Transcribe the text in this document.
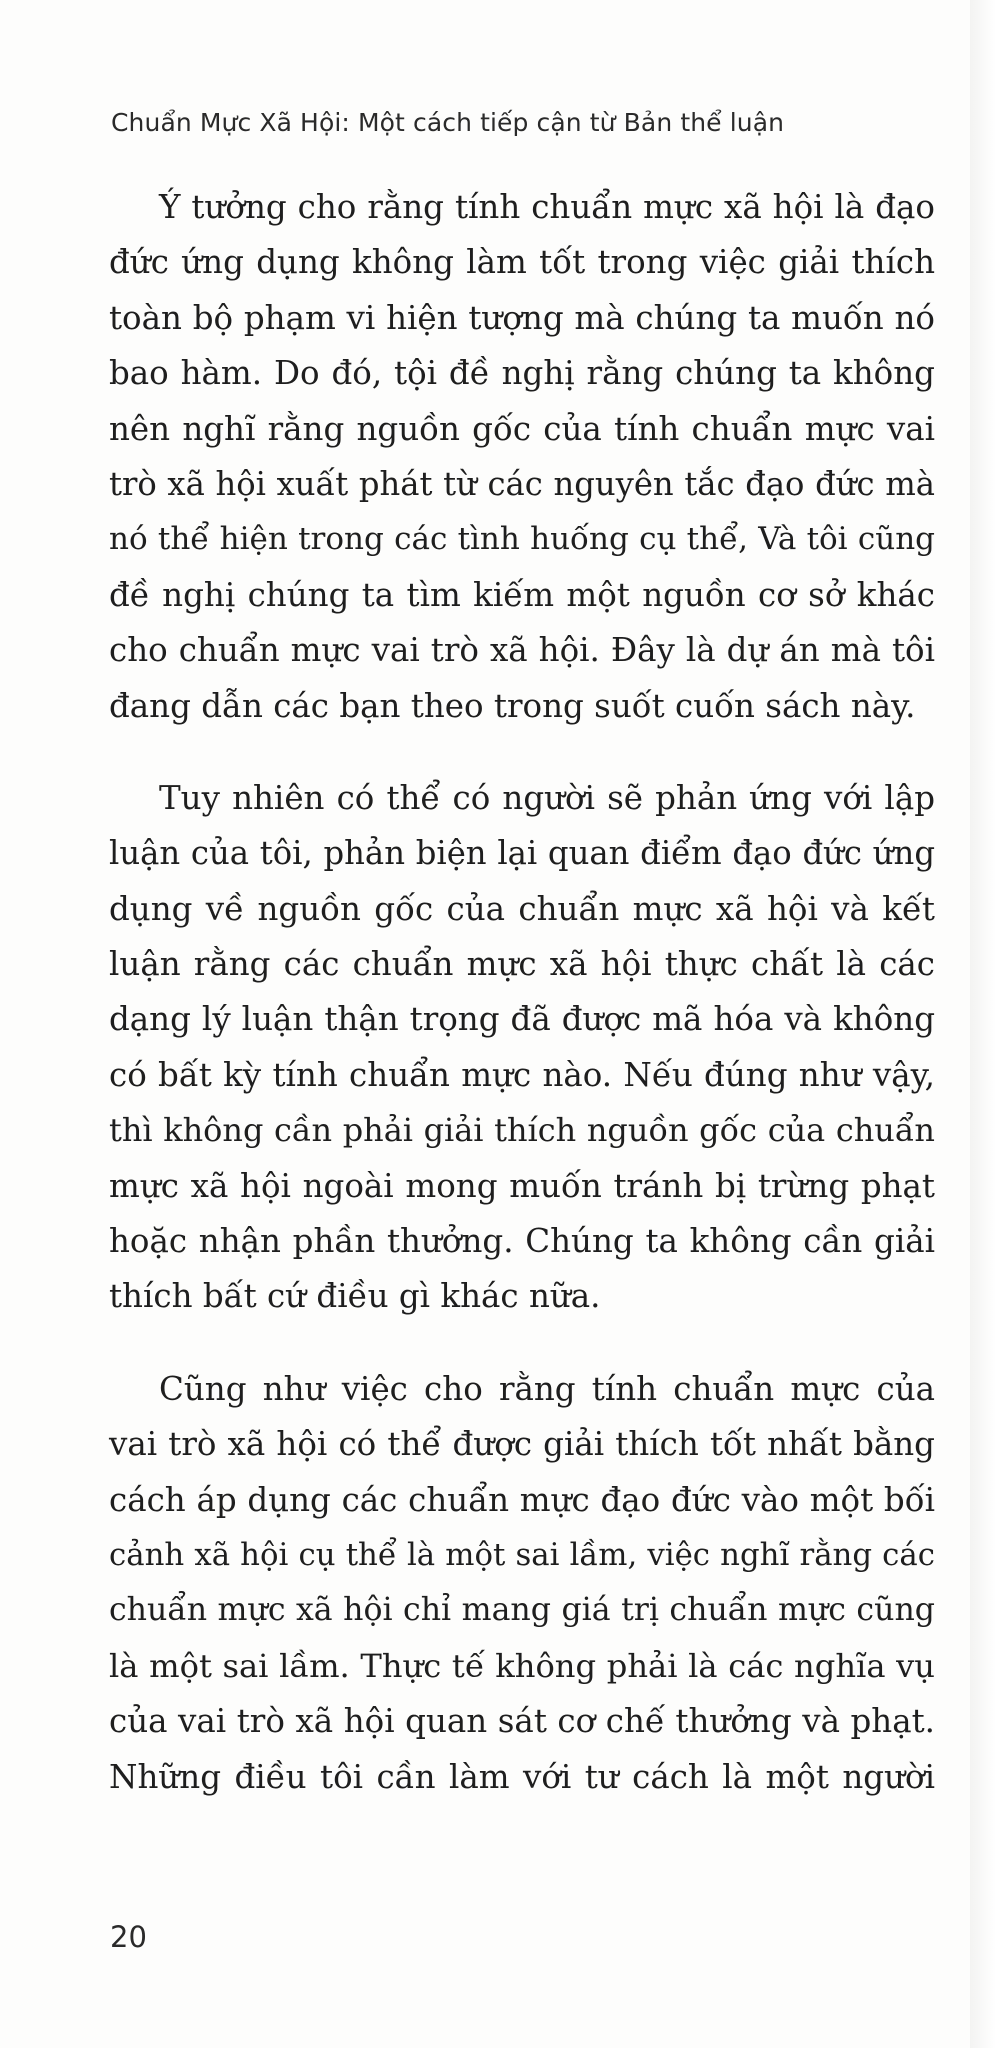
Chuẩn Mực Xã Hội: Một cách tiếp cận từ Bản thể luận

Ý tưởng cho rằng tính chuẩn mực xã hội là đạo
đức ứng dụng không làm tốt trong việc giải thích
toàn bộ phạm vi hiện tượng mà chúng ta muốn nó
bao hàm. Do đó, tội đề nghị rằng chúng ta không
nên nghĩ rằng nguồn gốc của tính chuẩn mực vai
trò xã hội xuất phát từ các nguyên tắc đạo đức mà
nó thể hiện trong các tình huống cụ thể, Và tôi cũng
đề nghị chúng ta tìm kiếm một nguồn cơ sở khác
cho chuẩn mực vai trò xã hội. Đây là dự án mà tôi
đang dẫn các bạn theo trong suốt cuốn sách này.
Tuy nhiên có thể có người sẽ phản ứng với lập
luận của tôi, phản biện lại quan điểm đạo đức ứng
dụng về nguồn gốc của chuẩn mực xã hội và kết
luận rằng các chuẩn mực xã hội thực chất là các
dạng lý luận thận trọng đã được mã hóa và không
có bất kỳ tính chuẩn mực nào. Nếu đúng như vậy,
thì không cần phải giải thích nguồn gốc của chuẩn
mực xã hội ngoài mong muốn tránh bị trừng phạt
hoặc nhận phần thưởng. Chúng ta không cần giải
thích bất cứ điều gì khác nữa.
Cũng như việc cho rằng tính chuẩn mực của
vai trò xã hội có thể được giải thích tốt nhất bằng
cách áp dụng các chuẩn mực đạo đức vào một bối
cảnh xã hội cụ thể là một sai lầm, việc nghĩ rằng các
chuẩn mực xã hội chỉ mang giá trị chuẩn mực cũng
là một sai lầm. Thực tế không phải là các nghĩa vụ
của vai trò xã hội quan sát cơ chế thưởng và phạt.
Những điều tôi cần làm với tư cách là một người

20
